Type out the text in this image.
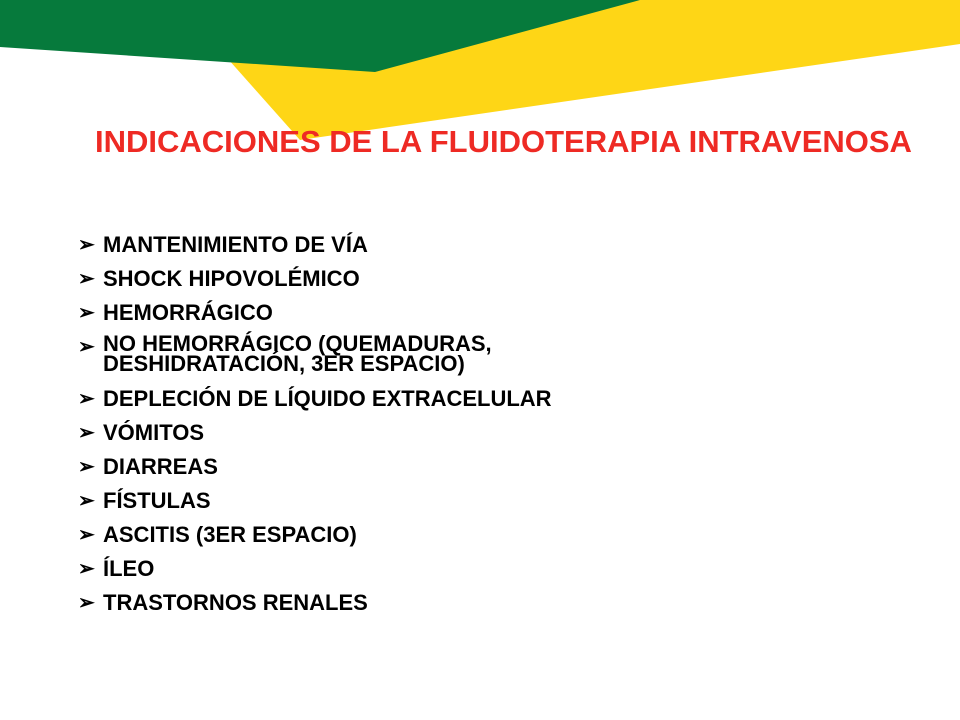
INDICACIONES DE LA FLUIDOTERAPIA INTRAVENOSA
➢ MANTENIMIENTO DE VÍA
➢ SHOCK HIPOVOLÉMICO
➢ HEMORRÁGICO
➢ NO HEMORRÁGICO (QUEMADURAS, DESHIDRATACIÓN, 3ER ESPACIO)
➢ DEPLECIÓN DE LÍQUIDO EXTRACELULAR
➢ VÓMITOS
➢ DIARREAS
➢ FÍSTULAS
➢ ASCITIS (3ER ESPACIO)
➢ ÍLEO
➢ TRASTORNOS RENALES
